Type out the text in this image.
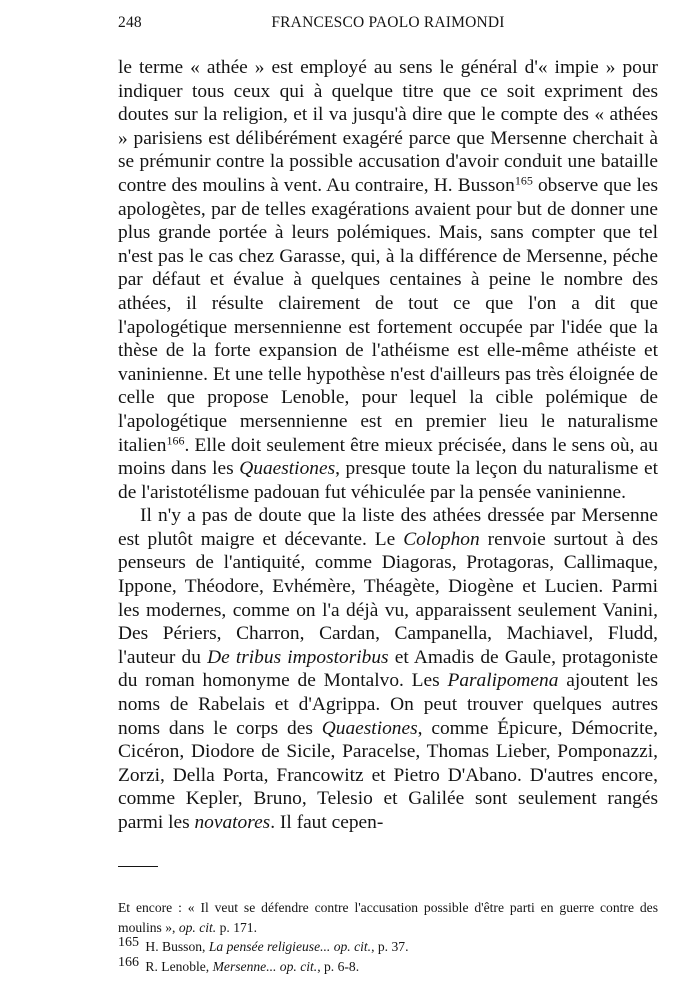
248	FRANCESCO PAOLO RAIMONDI

le terme « athée » est employé au sens le général d'« impie » pour indiquer tous ceux qui à quelque titre que ce soit expriment des doutes sur la religion, et il va jusqu'à dire que le compte des « athées » parisiens est délibérément exagéré parce que Mersenne cherchait à se prémunir contre la possible accusation d'avoir conduit une bataille contre des moulins à vent. Au contraire, H. Busson$^{165}$ observe que les apologètes, par de telles exagérations avaient pour but de donner une plus grande portée à leurs polémiques. Mais, sans compter que tel n'est pas le cas chez Garasse, qui, à la différence de Mersenne, péche par défaut et évalue à quelques centaines à peine le nombre des athées, il résulte clairement de tout ce que l'on a dit que l'apologétique mersennienne est fortement occupée par l'idée que la thèse de la forte expansion de l'athéisme est elle-même athéiste et vaninienne. Et une telle hypothèse n'est d'ailleurs pas très éloignée de celle que propose Lenoble, pour lequel la cible polémique de l'apologétique mersennienne est en premier lieu le naturalisme italien$^{166}$. Elle doit seulement être mieux précisée, dans le sens où, au moins dans les Quaestiones, presque toute la leçon du naturalisme et de l'aristotélisme padouan fut véhiculée par la pensée vaninienne.

Il n'y a pas de doute que la liste des athées dressée par Mersenne est plutôt maigre et décevante. Le Colophon renvoie surtout à des penseurs de l'antiquité, comme Diagoras, Protagoras, Callimaque, Ippone, Théodore, Evhémère, Théagète, Diogène et Lucien. Parmi les modernes, comme on l'a déjà vu, apparaissent seulement Vanini, Des Périers, Charron, Cardan, Campanella, Machiavel, Fludd, l'auteur du De tribus impostoribus et Amadis de Gaule, protagoniste du roman homonyme de Montalvo. Les Paralipomena ajoutent les noms de Rabelais et d'Agrippa. On peut trouver quelques autres noms dans le corps des Quaestiones, comme Épicure, Démocrite, Cicéron, Diodore de Sicile, Paracelse, Thomas Lieber, Pomponazzi, Zorzi, Della Porta, Francowitz et Pietro D'Abano. D'autres encore, comme Kepler, Bruno, Telesio et Galilée sont seulement rangés parmi les novatores. Il faut cepen-

Et encore : « Il veut se défendre contre l'accusation possible d'être parti en guerre contre des moulins », op. cit. p. 171.
165 H. Busson, La pensée religieuse... op. cit., p. 37.
166 R. Lenoble, Mersenne... op. cit., p. 6-8.
